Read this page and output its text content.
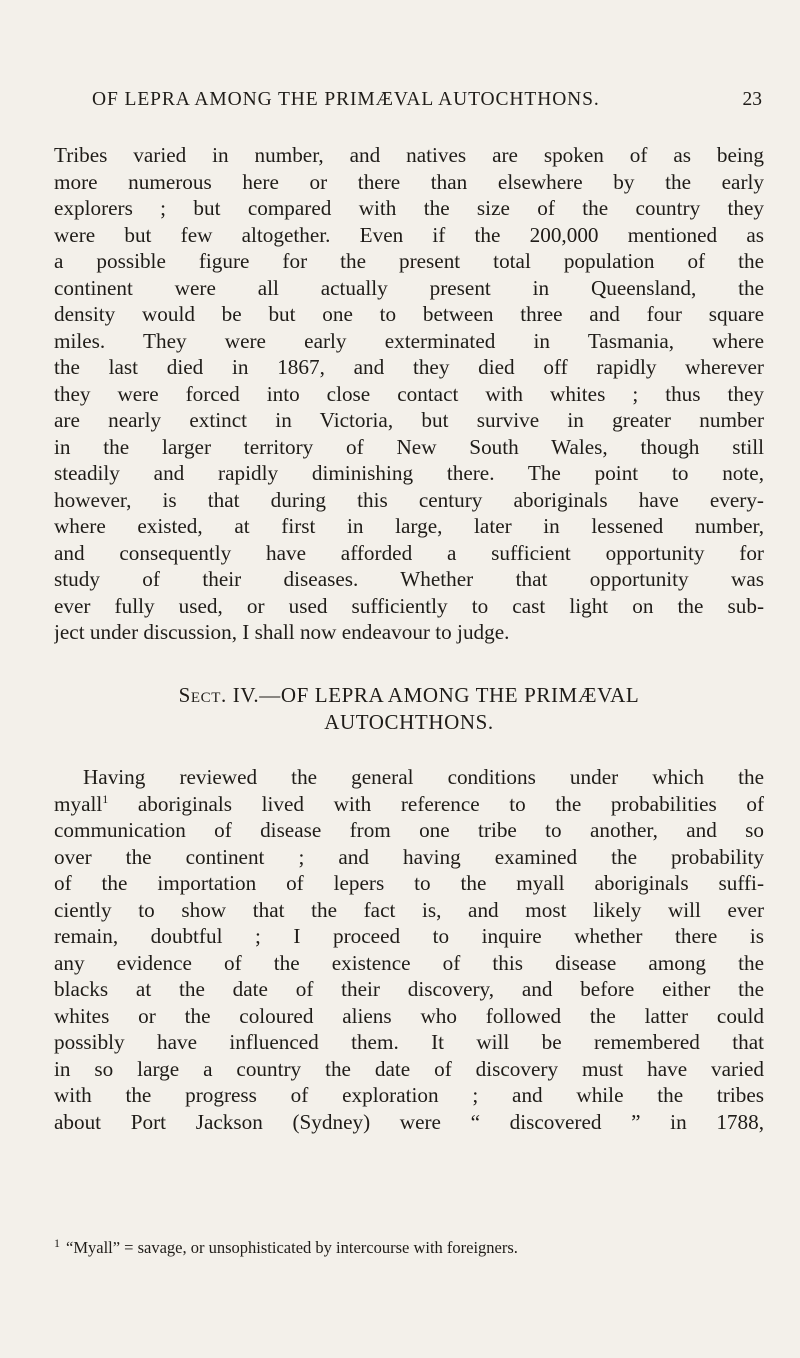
OF LEPRA AMONG THE PRIMÆVAL AUTOCHTHONS.	23
Tribes varied in number, and natives are spoken of as being
more numerous here or there than elsewhere by the early
explorers ; but compared with the size of the country they
were but few altogether. Even if the 200,000 mentioned as
a possible figure for the present total population of the
continent were all actually present in Queensland, the
density would be but one to between three and four square
miles. They were early exterminated in Tasmania, where
the last died in 1867, and they died off rapidly wherever
they were forced into close contact with whites ; thus they
are nearly extinct in Victoria, but survive in greater number
in the larger territory of New South Wales, though still
steadily and rapidly diminishing there. The point to note,
however, is that during this century aboriginals have every-
where existed, at first in large, later in lessened number,
and consequently have afforded a sufficient opportunity for
study of their diseases. Whether that opportunity was
ever fully used, or used sufficiently to cast light on the sub-
ject under discussion, I shall now endeavour to judge.
Sect. IV.—OF LEPRA AMONG THE PRIMÆVAL
AUTOCHTHONS.
Having reviewed the general conditions under which the
myall$^1$ aboriginals lived with reference to the probabilities of
communication of disease from one tribe to another, and so
over the continent ; and having examined the probability
of the importation of lepers to the myall aboriginals suffi-
ciently to show that the fact is, and most likely will ever
remain, doubtful ; I proceed to inquire whether there is
any evidence of the existence of this disease among the
blacks at the date of their discovery, and before either the
whites or the coloured aliens who followed the latter could
possibly have influenced them. It will be remembered that
in so large a country the date of discovery must have varied
with the progress of exploration ; and while the tribes
about Port Jackson (Sydney) were “ discovered ” in 1788,
$^1$ “Myall” = savage, or unsophisticated by intercourse with foreigners.
